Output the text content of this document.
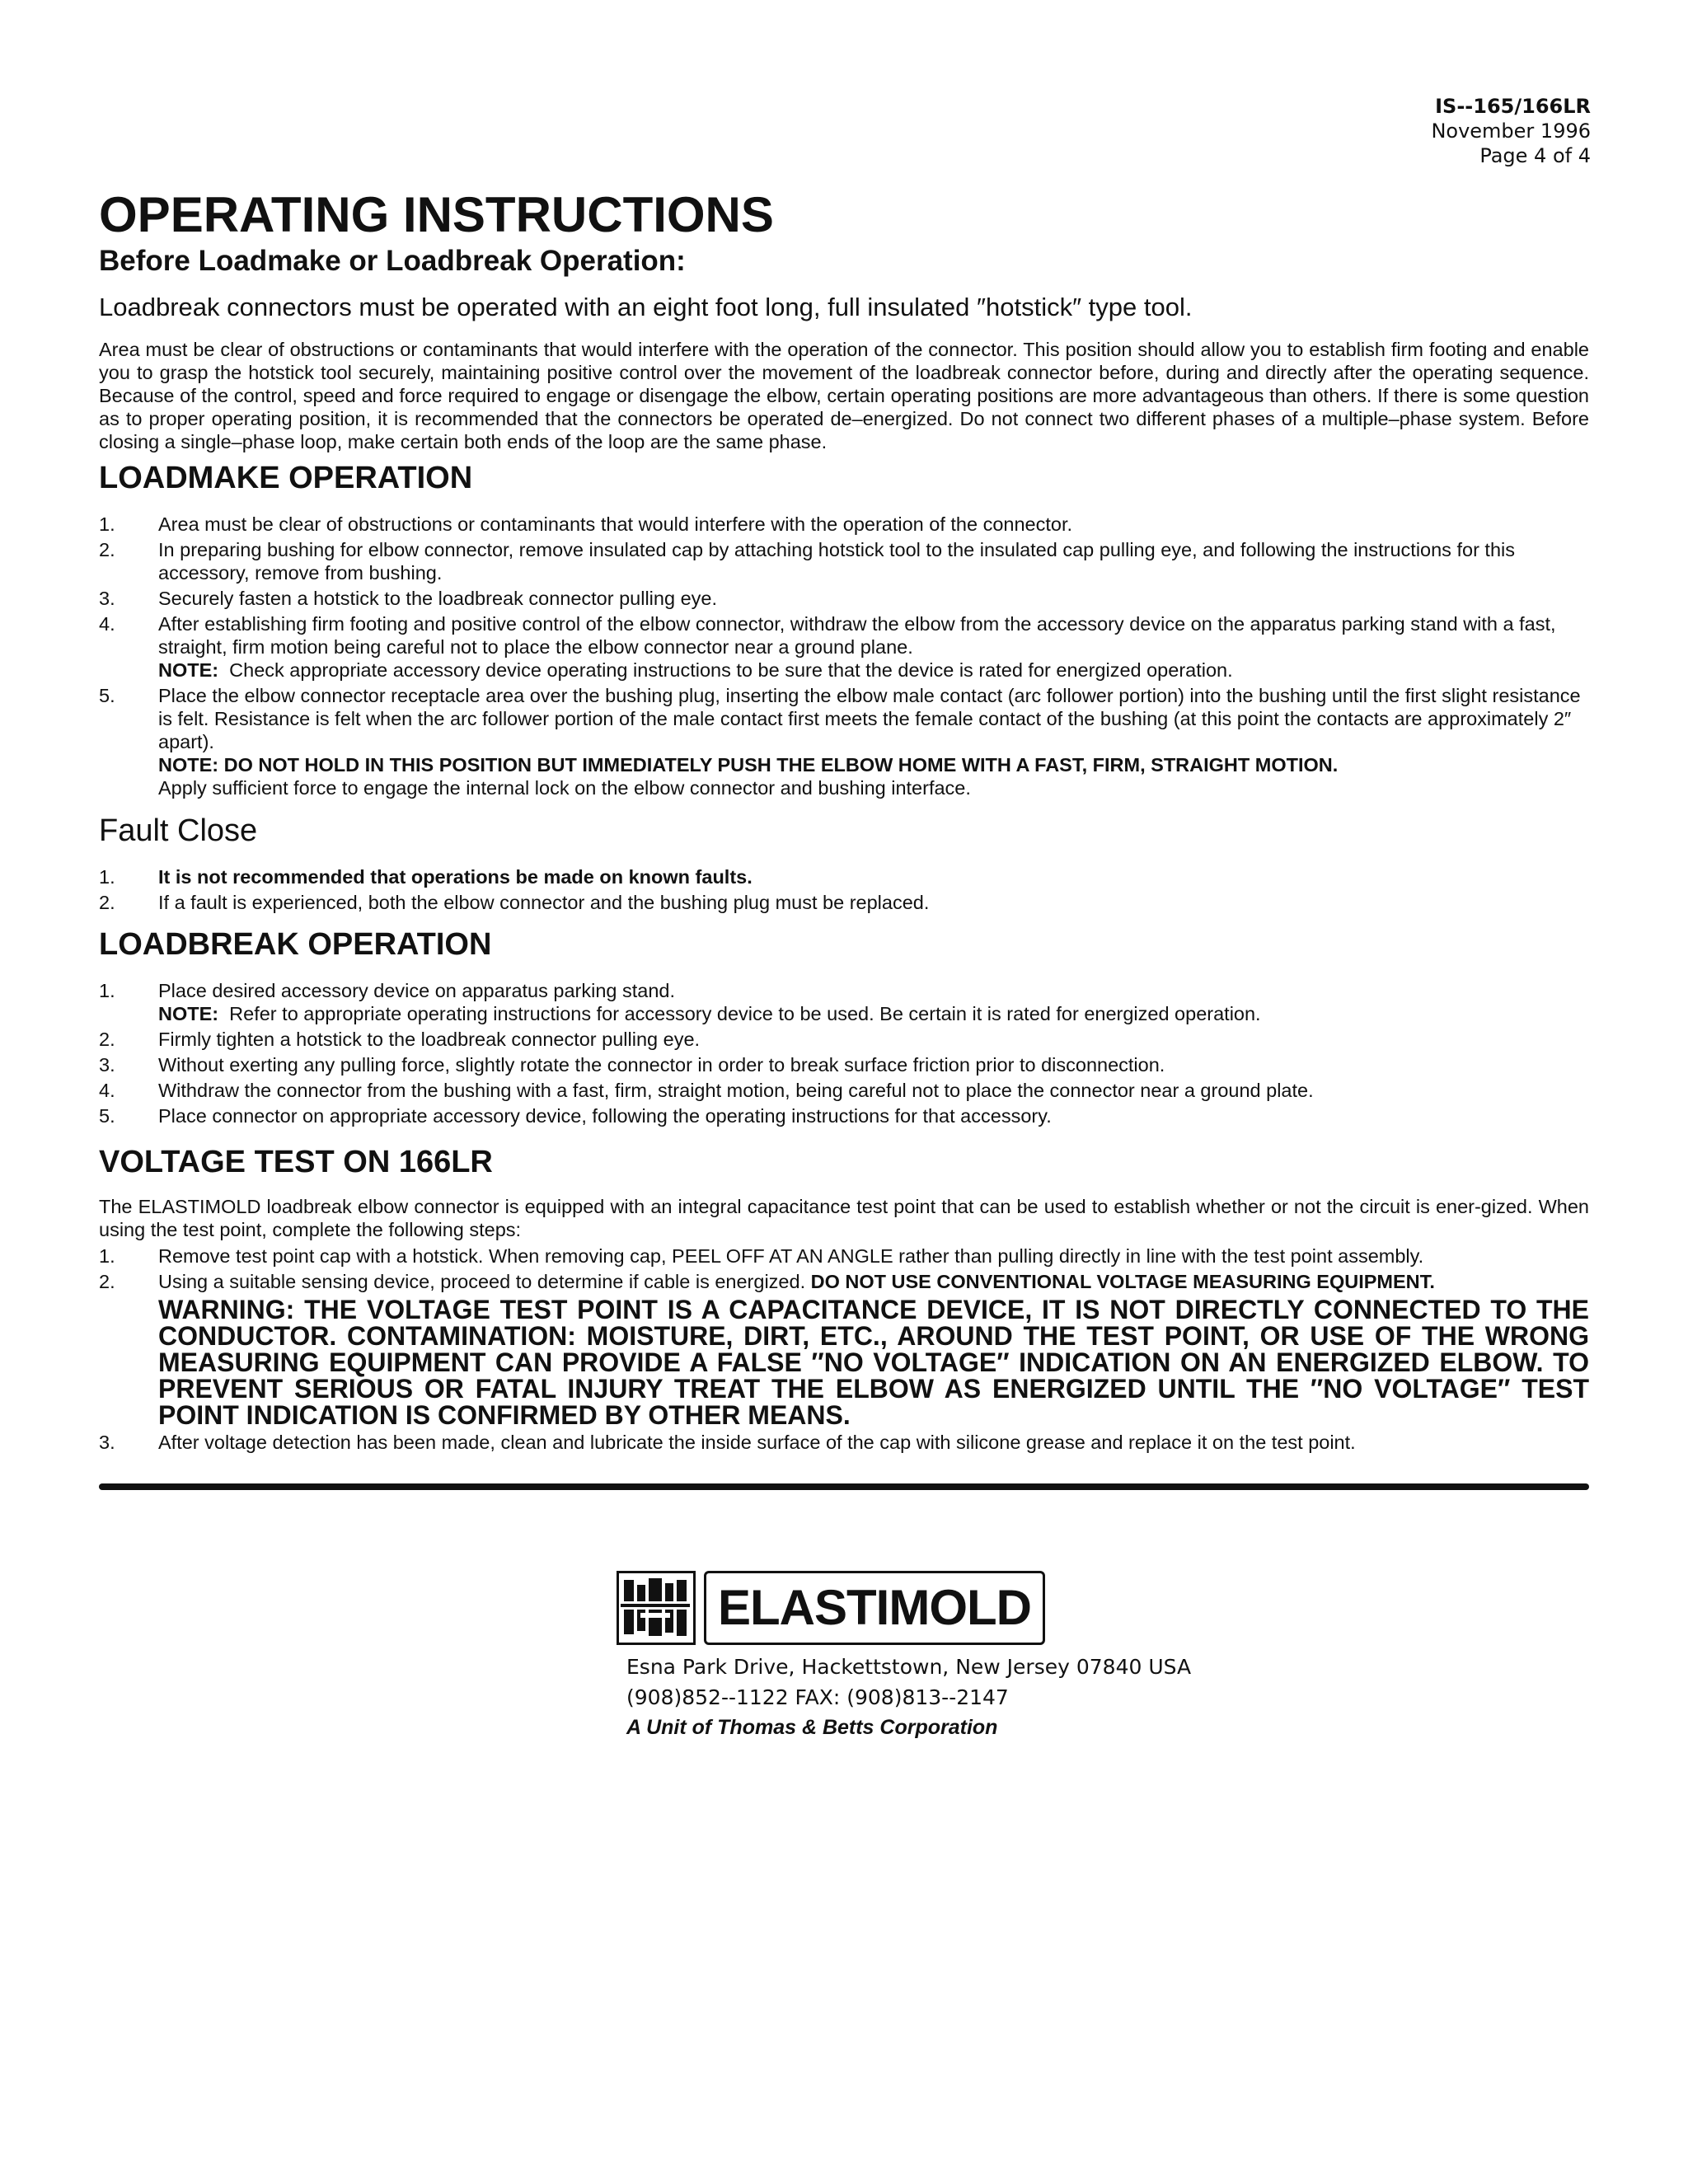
IS--165/166LR
November 1996
Page 4 of 4
OPERATING INSTRUCTIONS
Before Loadmake or Loadbreak Operation:

Loadbreak connectors must be operated with an eight foot long, full insulated ″hotstick″ type tool.

Area must be clear of obstructions or contaminants that would interfere with the operation of the connector. This position should allow you to establish firm footing and enable you to grasp the hotstick tool securely, maintaining positive control over the movement of the loadbreak connector before, during and directly after the operating sequence. Because of the control, speed and force required to engage or disengage the elbow, certain operating positions are more advantageous than others. If there is some question as to proper operating position, it is recommended that the connectors be operated de–energized. Do not connect two different phases of a multiple–phase system. Before closing a single–phase loop, make certain both ends of the loop are the same phase.
LOADMAKE OPERATION
1. Area must be clear of obstructions or contaminants that would interfere with the operation of the connector.
2. In preparing bushing for elbow connector, remove insulated cap by attaching hotstick tool to the insulated cap pulling eye, and following the instructions for this accessory, remove from bushing.
3. Securely fasten a hotstick to the loadbreak connector pulling eye.
4. After establishing firm footing and positive control of the elbow connector, withdraw the elbow from the accessory device on the apparatus parking stand with a fast, straight, firm motion being careful not to place the elbow connector near a ground plane.
NOTE: Check appropriate accessory device operating instructions to be sure that the device is rated for energized operation.
5. Place the elbow connector receptacle area over the bushing plug, inserting the elbow male contact (arc follower portion) into the bushing until the first slight resistance is felt. Resistance is felt when the arc follower portion of the male contact first meets the female contact of the bushing (at this point the contacts are approximately 2″ apart).
NOTE: DO NOT HOLD IN THIS POSITION BUT IMMEDIATELY PUSH THE ELBOW HOME WITH A FAST, FIRM, STRAIGHT MOTION.
Apply sufficient force to engage the internal lock on the elbow connector and bushing interface.
Fault Close
1. It is not recommended that operations be made on known faults.
2. If a fault is experienced, both the elbow connector and the bushing plug must be replaced.
LOADBREAK OPERATION
1. Place desired accessory device on apparatus parking stand.
NOTE: Refer to appropriate operating instructions for accessory device to be used. Be certain it is rated for energized operation.
2. Firmly tighten a hotstick to the loadbreak connector pulling eye.
3. Without exerting any pulling force, slightly rotate the connector in order to break surface friction prior to disconnection.
4. Withdraw the connector from the bushing with a fast, firm, straight motion, being careful not to place the connector near a ground plate.
5. Place connector on appropriate accessory device, following the operating instructions for that accessory.
VOLTAGE TEST ON 166LR
The ELASTIMOLD loadbreak elbow connector is equipped with an integral capacitance test point that can be used to establish whether or not the circuit is ener-gized. When using the test point, complete the following steps:
1. Remove test point cap with a hotstick. When removing cap, PEEL OFF AT AN ANGLE rather than pulling directly in line with the test point assembly.
2. Using a suitable sensing device, proceed to determine if cable is energized. DO NOT USE CONVENTIONAL VOLTAGE MEASURING EQUIPMENT.
WARNING: THE VOLTAGE TEST POINT IS A CAPACITANCE DEVICE, IT IS NOT DIRECTLY CONNECTED TO THE CONDUCTOR. CONTAMINATION: MOISTURE, DIRT, ETC., AROUND THE TEST POINT, OR USE OF THE WRONG MEASURING EQUIPMENT CAN PROVIDE A FALSE ″NO VOLTAGE″ INDICATION ON AN ENERGIZED ELBOW. TO PREVENT SERIOUS OR FATAL INJURY TREAT THE ELBOW AS ENERGIZED UNTIL THE ″NO VOLTAGE″ TEST POINT INDICATION IS CONFIRMED BY OTHER MEANS.
3. After voltage detection has been made, clean and lubricate the inside surface of the cap with silicone grease and replace it on the test point.
ELASTIMOLD
Esna Park Drive, Hackettstown, New Jersey 07840 USA
(908)852--1122 FAX: (908)813--2147
A Unit of Thomas & Betts Corporation
